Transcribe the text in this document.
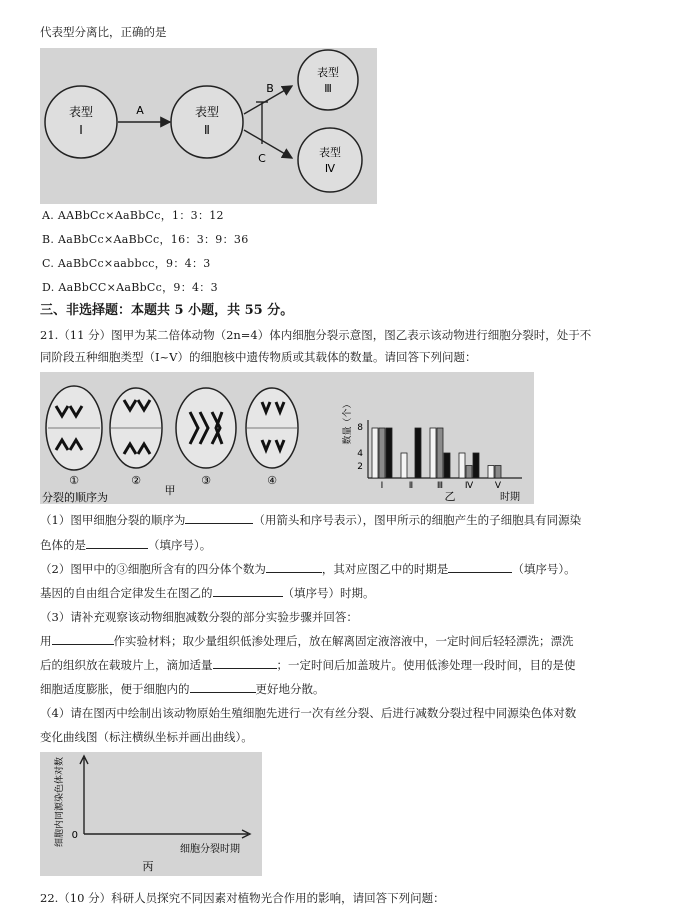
代表型分离比，正确的是
表型
Ⅰ
A	表型
Ⅱ
B
C
表型
Ⅲ
表型
Ⅳ
A. AABbCc×AaBbCc，1：3：12
B. AaBbCc×AaBbCc，16：3：9：36
C. AaBbCc×aabbcc，9：4：3
D. AaBbCC×AaBbCc，9：4：3
三、非选择题：本题共 5 小题，共 55 分。
21.（11 分）图甲为某二倍体动物（2n=4）体内细胞分裂示意图，图乙表示该动物进行细胞分裂时，处于不
同阶段五种细胞类型（Ⅰ~Ⅴ）的细胞核中遗传物质或其载体的数量。请回答下列问题：
①	②	③	④
甲
分裂的顺序为
数量（个） 8
4
2
Ⅰ	Ⅱ	Ⅲ Ⅳ Ⅴ
乙	时期
（1）图甲细胞分裂的顺序为	（用箭头和序号表示），图甲所示的细胞产生的子细胞具有同源染
色体的是	（填序号）。
（2）图甲中的③细胞所含有的四分体个数为	，其对应图乙中的时期是	（填序号）。
基因的自由组合定律发生在图乙的	（填序号）时期。
（3）请补充观察该动物细胞减数分裂的部分实验步骤并回答：
用	作实验材料；取少量组织低渗处理后，放在解离固定液溶液中，一定时间后轻轻漂洗；漂洗
后的组织放在载玻片上，滴加适量	；一定时间后加盖玻片。使用低渗处理一段时间，目的是使
细胞适度膨胀，便于细胞内的	更好地分散。
（4）请在图丙中绘制出该动物原始生殖细胞先进行一次有丝分裂、后进行减数分裂过程中同源染色体对数
变化曲线图（标注横纵坐标并画出曲线）。
细胞内同源染色体对数 0
细胞分裂时期
丙
22.（10 分）科研人员探究不同因素对植物光合作用的影响，请回答下列问题：
